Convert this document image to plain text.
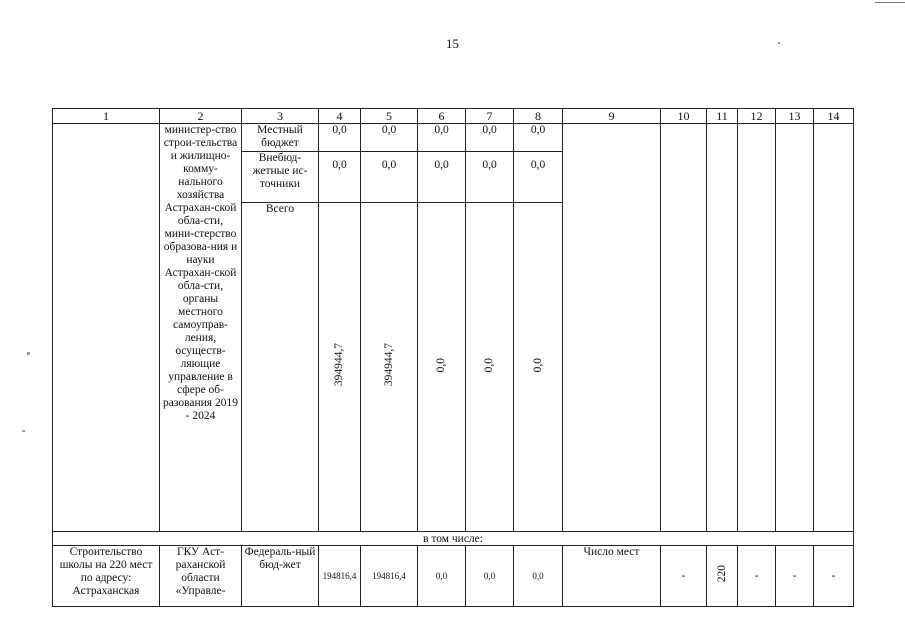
15
1	2	3	4	5	6	7	8	9	10	11	12	13	14
	министер-ство строи-тельства и жилищно-комму-нального хозяйства Астрахан-ской обла-сти, мини-стерство образова-ния и науки Астрахан-ской обла-сти, органы местного самоуправ-ления, осуществ-ляющие управление в сфере об-разования 2019 - 2024	Местный бюджет	0,0	0,0	0,0	0,0	0,0						
		Внебюд-жетные ис-точники	0,0	0,0	0,0	0,0	0,0						
		Всего	394944,7	394944,7	0,0	0,0	0,0						
в том числе:													
Строительство школы на 220 мест по адресу: Астраханская	ГКУ Аст-раханской области «Управле-	Федераль-ный бюд-жет	194816,4	194816,4	0,0	0,0	0,0	Число мест	-	220	-	-	-
